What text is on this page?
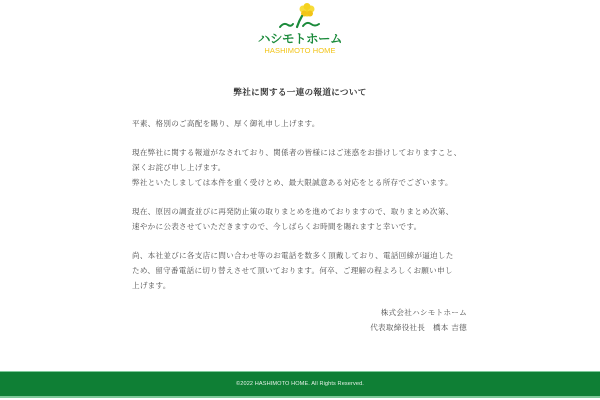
ハシモトホーム
HASHIMOTO HOME
弊社に関する一連の報道について

平素、格別のご高配を賜り、厚く御礼申し上げます。

現在弊社に関する報道がなされており、関係者の皆様にはご迷惑をお掛けしておりますこと、
深くお詫び申し上げます。
弊社といたしましては本件を重く受けとめ、最大限誠意ある対応をとる所存でございます。

現在、原因の調査並びに再発防止策の取りまとめを進めておりますので、取りまとめ次第、
速やかに公表させていただきますので、今しばらくお時間を賜れますと幸いです。

尚、本社並びに各支店に問い合わせ等のお電話を数多く頂戴しており、電話回線が逼迫した
ため、留守番電話に切り替えさせて頂いております。何卒、ご理解の程よろしくお願い申し
上げます。

株式会社ハシモトホーム
代表取締役社長　橋本 吉徳
©2022 HASHIMOTO HOME. All Rights Reserved.
